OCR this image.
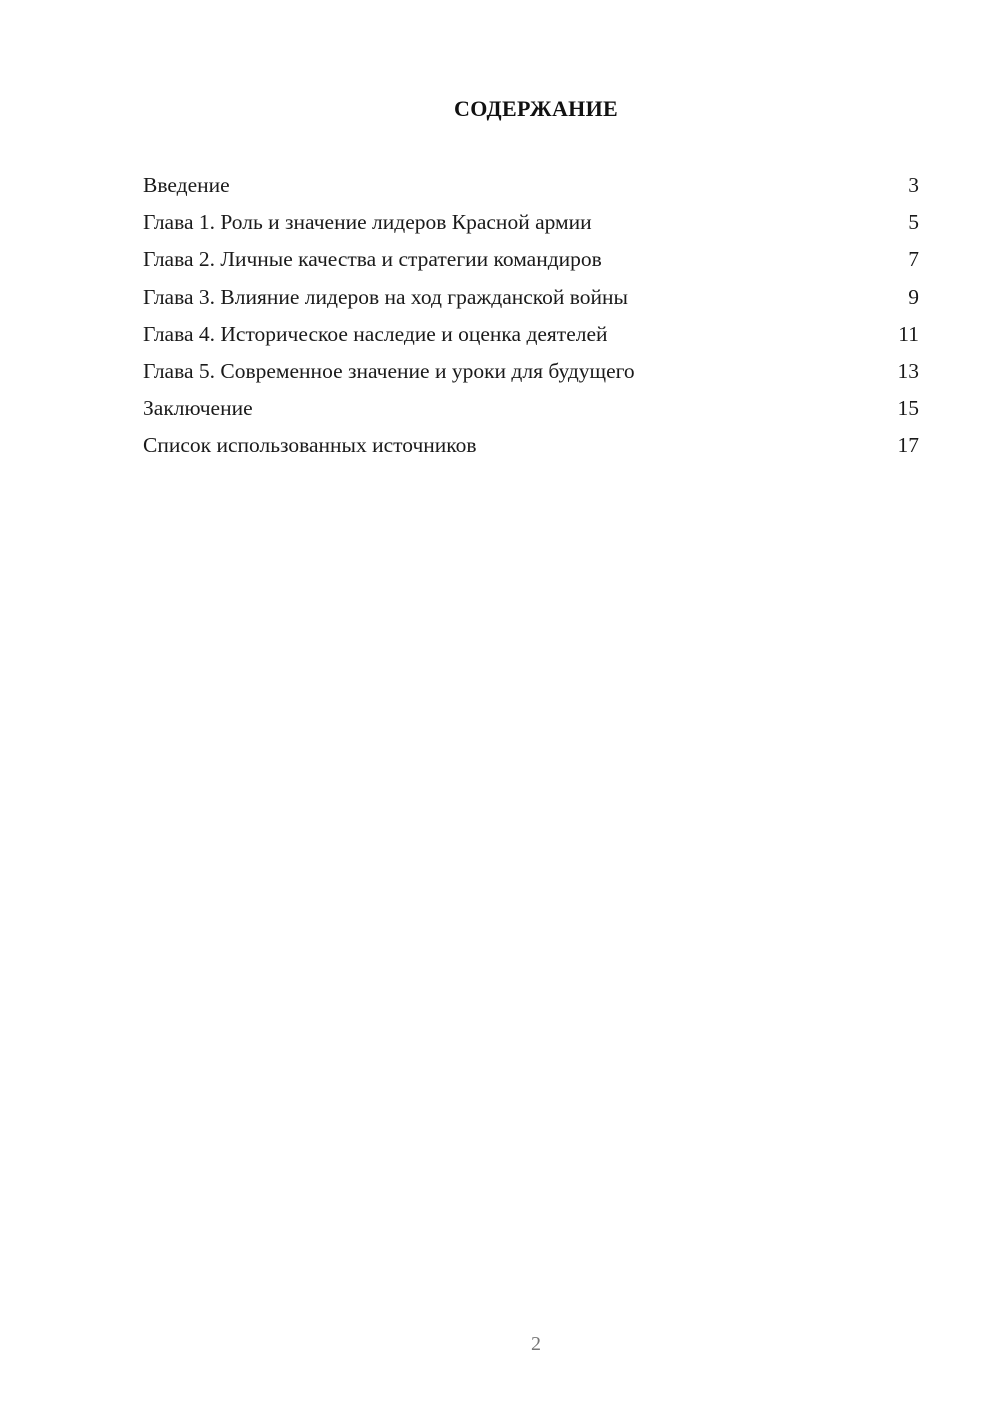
СОДЕРЖАНИЕ
Введение	3
Глава 1. Роль и значение лидеров Красной армии	5
Глава 2. Личные качества и стратегии командиров	7
Глава 3. Влияние лидеров на ход гражданской войны	9
Глава 4. Историческое наследие и оценка деятелей	11
Глава 5. Современное значение и уроки для будущего	13
Заключение	15
Список использованных источников	17
2
